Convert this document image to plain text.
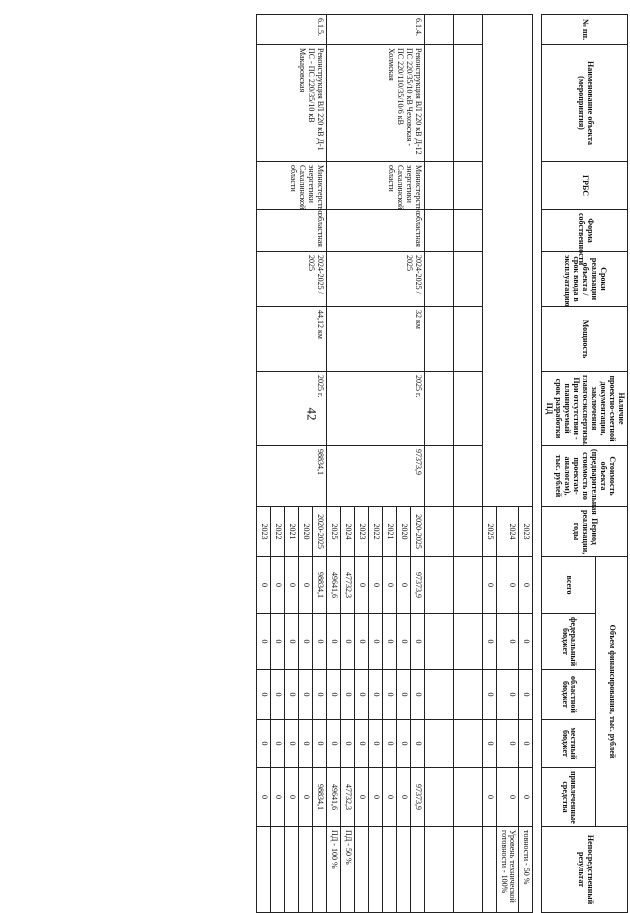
42
№ пп.	Наименование объекта (мероприятия)	ГРБС	Форма собственности	Сроки реализации объекта / срок ввода в эксплуатацию	Мощность	Наличие проектно-сметной документации, заключения главгосэкспертизы. При отсутствии - планируемый срок разработки ПД	Стоимость объекта (предварительная стоимость по проектам-аналогам), тыс. рублей	Период реализации, годы	Объем финансирования, тыс. рублей					Непосредственный результат
									всего	федеральный бюджет	областной бюджет	местный бюджет	привлеченные средства	

								2023	0	0	0	0	0	товности - 50 %
								2024	0	0	0	0	0	Уровень технической готовности - 100%
								2025	0	0	0	0	0	

6.1.4.	Реконструкция ВЛ 220 кВ Д-12 ПС 220/35/10 кВ Чеховская - ПС 220/110/35/10/6 кВ Холмская	Министерство энергетики Сахалинской области	областная	2024-2025 / 2025	32 км	2025 г.	97373,9	2020-2025	97373,9	0	0	0	97373,9	
								2020	0	0	0	0	0	
								2021	0	0	0	0	0	
								2022	0	0	0	0	0	
								2023	0	0	0	0	0	
								2024	47732,3	0	0	0	47732,3	ПД - 50 %
								2025	49641,6	0	0	0	49641,6	ПД - 100 %
6.1.5.	Реконструкция ВЛ 220 кВ Д-1 ПС - ПС 220/35/10 кВ Макаровская	Министерство энергетики Сахалинской области	областная	2024-2025 / 2025	44,12 км	2025 г.	98834,1	2020-2025	98834,1	0	0	0	98834,1	
								2020	0	0	0	0	0	
								2021	0	0	0	0	0	
								2022	0	0	0	0	0	
								2023	0	0	0	0	0	
